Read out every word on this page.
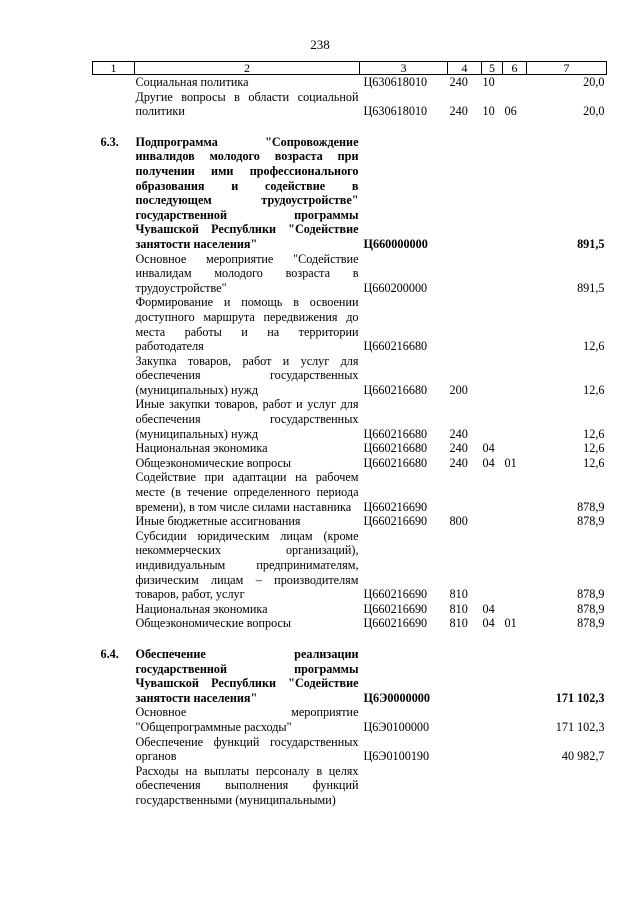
238
1	2	3	4	5	6	7
	Социальная политика	Ц630618010	240	10		20,0
	Другие вопросы в области социальной политики	Ц630618010	240	10	06	20,0

6.3.	Подпрограмма "Сопровождение инвалидов молодого возраста при получении ими профессионального образования и содействие в последующем трудоустройстве" государственной программы Чувашской Республики "Содействие занятости населения"	Ц660000000				891,5
	Основное мероприятие "Содействие инвалидам молодого возраста в трудоустройстве"	Ц660200000				891,5
	Формирование и помощь в освоении доступного маршрута передвижения до места работы и на территории работодателя	Ц660216680				12,6
	Закупка товаров, работ и услуг для обеспечения государственных (муниципальных) нужд	Ц660216680	200			12,6
	Иные закупки товаров, работ и услуг для обеспечения государственных (муниципальных) нужд	Ц660216680	240			12,6
	Национальная экономика	Ц660216680	240	04		12,6
	Общеэкономические вопросы	Ц660216680	240	04	01	12,6
	Содействие при адаптации на рабочем месте (в течение определенного периода времени), в том числе силами наставника	Ц660216690				878,9
	Иные бюджетные ассигнования	Ц660216690	800			878,9
	Субсидии юридическим лицам (кроме некоммерческих организаций), индивидуальным предпринимателям, физическим лицам – производителям товаров, работ, услуг	Ц660216690	810			878,9
	Национальная экономика	Ц660216690	810	04		878,9
	Общеэкономические вопросы	Ц660216690	810	04	01	878,9

6.4.	Обеспечение реализации государственной программы Чувашской Республики "Содействие занятости населения"	Ц6Э0000000				171 102,3
	Основное мероприятие "Общепрограммные расходы"	Ц6Э0100000				171 102,3
	Обеспечение функций государственных органов	Ц6Э0100190				40 982,7
	Расходы на выплаты персоналу в целях обеспечения выполнения функций государственными (муниципальными)					
